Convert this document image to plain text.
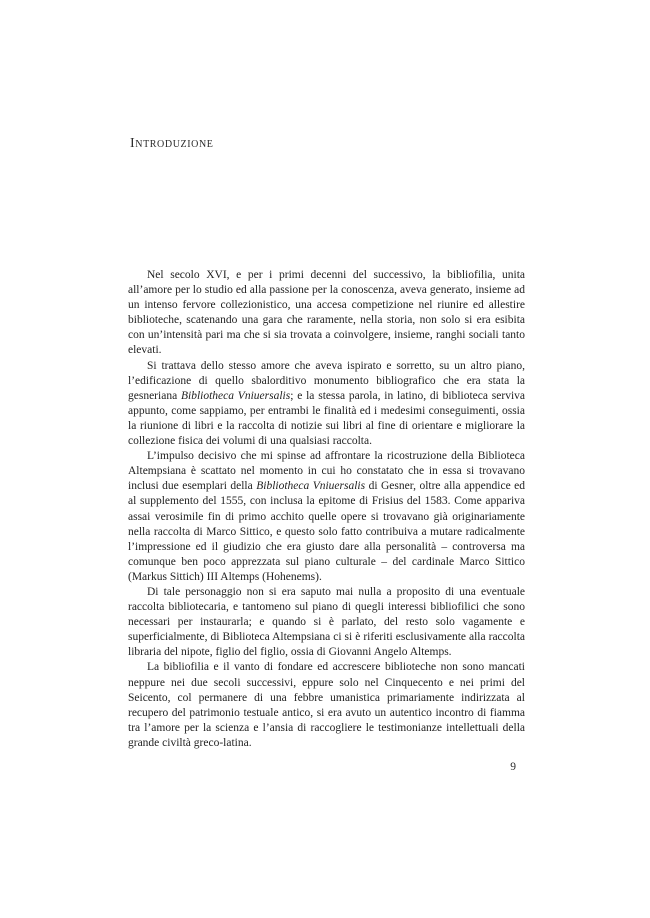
Introduzione

Nel secolo XVI, e per i primi decenni del successivo, la bibliofilia, unita all’amore per lo studio ed alla passione per la conoscenza, aveva generato, insieme ad un intenso fervore collezionistico, una accesa competizione nel riunire ed allestire biblioteche, scatenando una gara che raramente, nella storia, non solo si era esibita con un’intensità pari ma che si sia trovata a coinvolgere, insieme, ranghi sociali tanto elevati.

Si trattava dello stesso amore che aveva ispirato e sorretto, su un altro piano, l’edificazione di quello sbalorditivo monumento bibliografico che era stata la gesneriana Bibliotheca Vniuersalis; e la stessa parola, in latino, di biblioteca serviva appunto, come sappiamo, per entrambi le finalità ed i medesimi conseguimenti, ossia la riunione di libri e la raccolta di notizie sui libri al fine di orientare e migliorare la collezione fisica dei volumi di una qualsiasi raccolta.

L’impulso decisivo che mi spinse ad affrontare la ricostruzione della Biblioteca Altempsiana è scattato nel momento in cui ho constatato che in essa si trovavano inclusi due esemplari della Bibliotheca Vniuersalis di Gesner, oltre alla appendice ed al supplemento del 1555, con inclusa la epitome di Frisius del 1583. Come appariva assai verosimile fin di primo acchito quelle opere si trovavano già originariamente nella raccolta di Marco Sittico, e questo solo fatto contribuiva a mutare radicalmente l’impressione ed il giudizio che era giusto dare alla personalità – controversa ma comunque ben poco apprezzata sul piano culturale – del cardinale Marco Sittico (Markus Sittich) III Altemps (Hohenems).

Di tale personaggio non si era saputo mai nulla a proposito di una eventuale raccolta bibliotecaria, e tantomeno sul piano di quegli interessi bibliofilici che sono necessari per instaurarla; e quando si è parlato, del resto solo vagamente e superficialmente, di Biblioteca Altempsiana ci si è riferiti esclusivamente alla raccolta libraria del nipote, figlio del figlio, ossia di Giovanni Angelo Altemps.

La bibliofilia e il vanto di fondare ed accrescere biblioteche non sono mancati neppure nei due secoli successivi, eppure solo nel Cinquecento e nei primi del Seicento, col permanere di una febbre umanistica primariamente indirizzata al recupero del patrimonio testuale antico, si era avuto un autentico incontro di fiamma tra l’amore per la scienza e l’ansia di raccogliere le testimonianze intellettuali della grande civiltà greco-latina.

9
